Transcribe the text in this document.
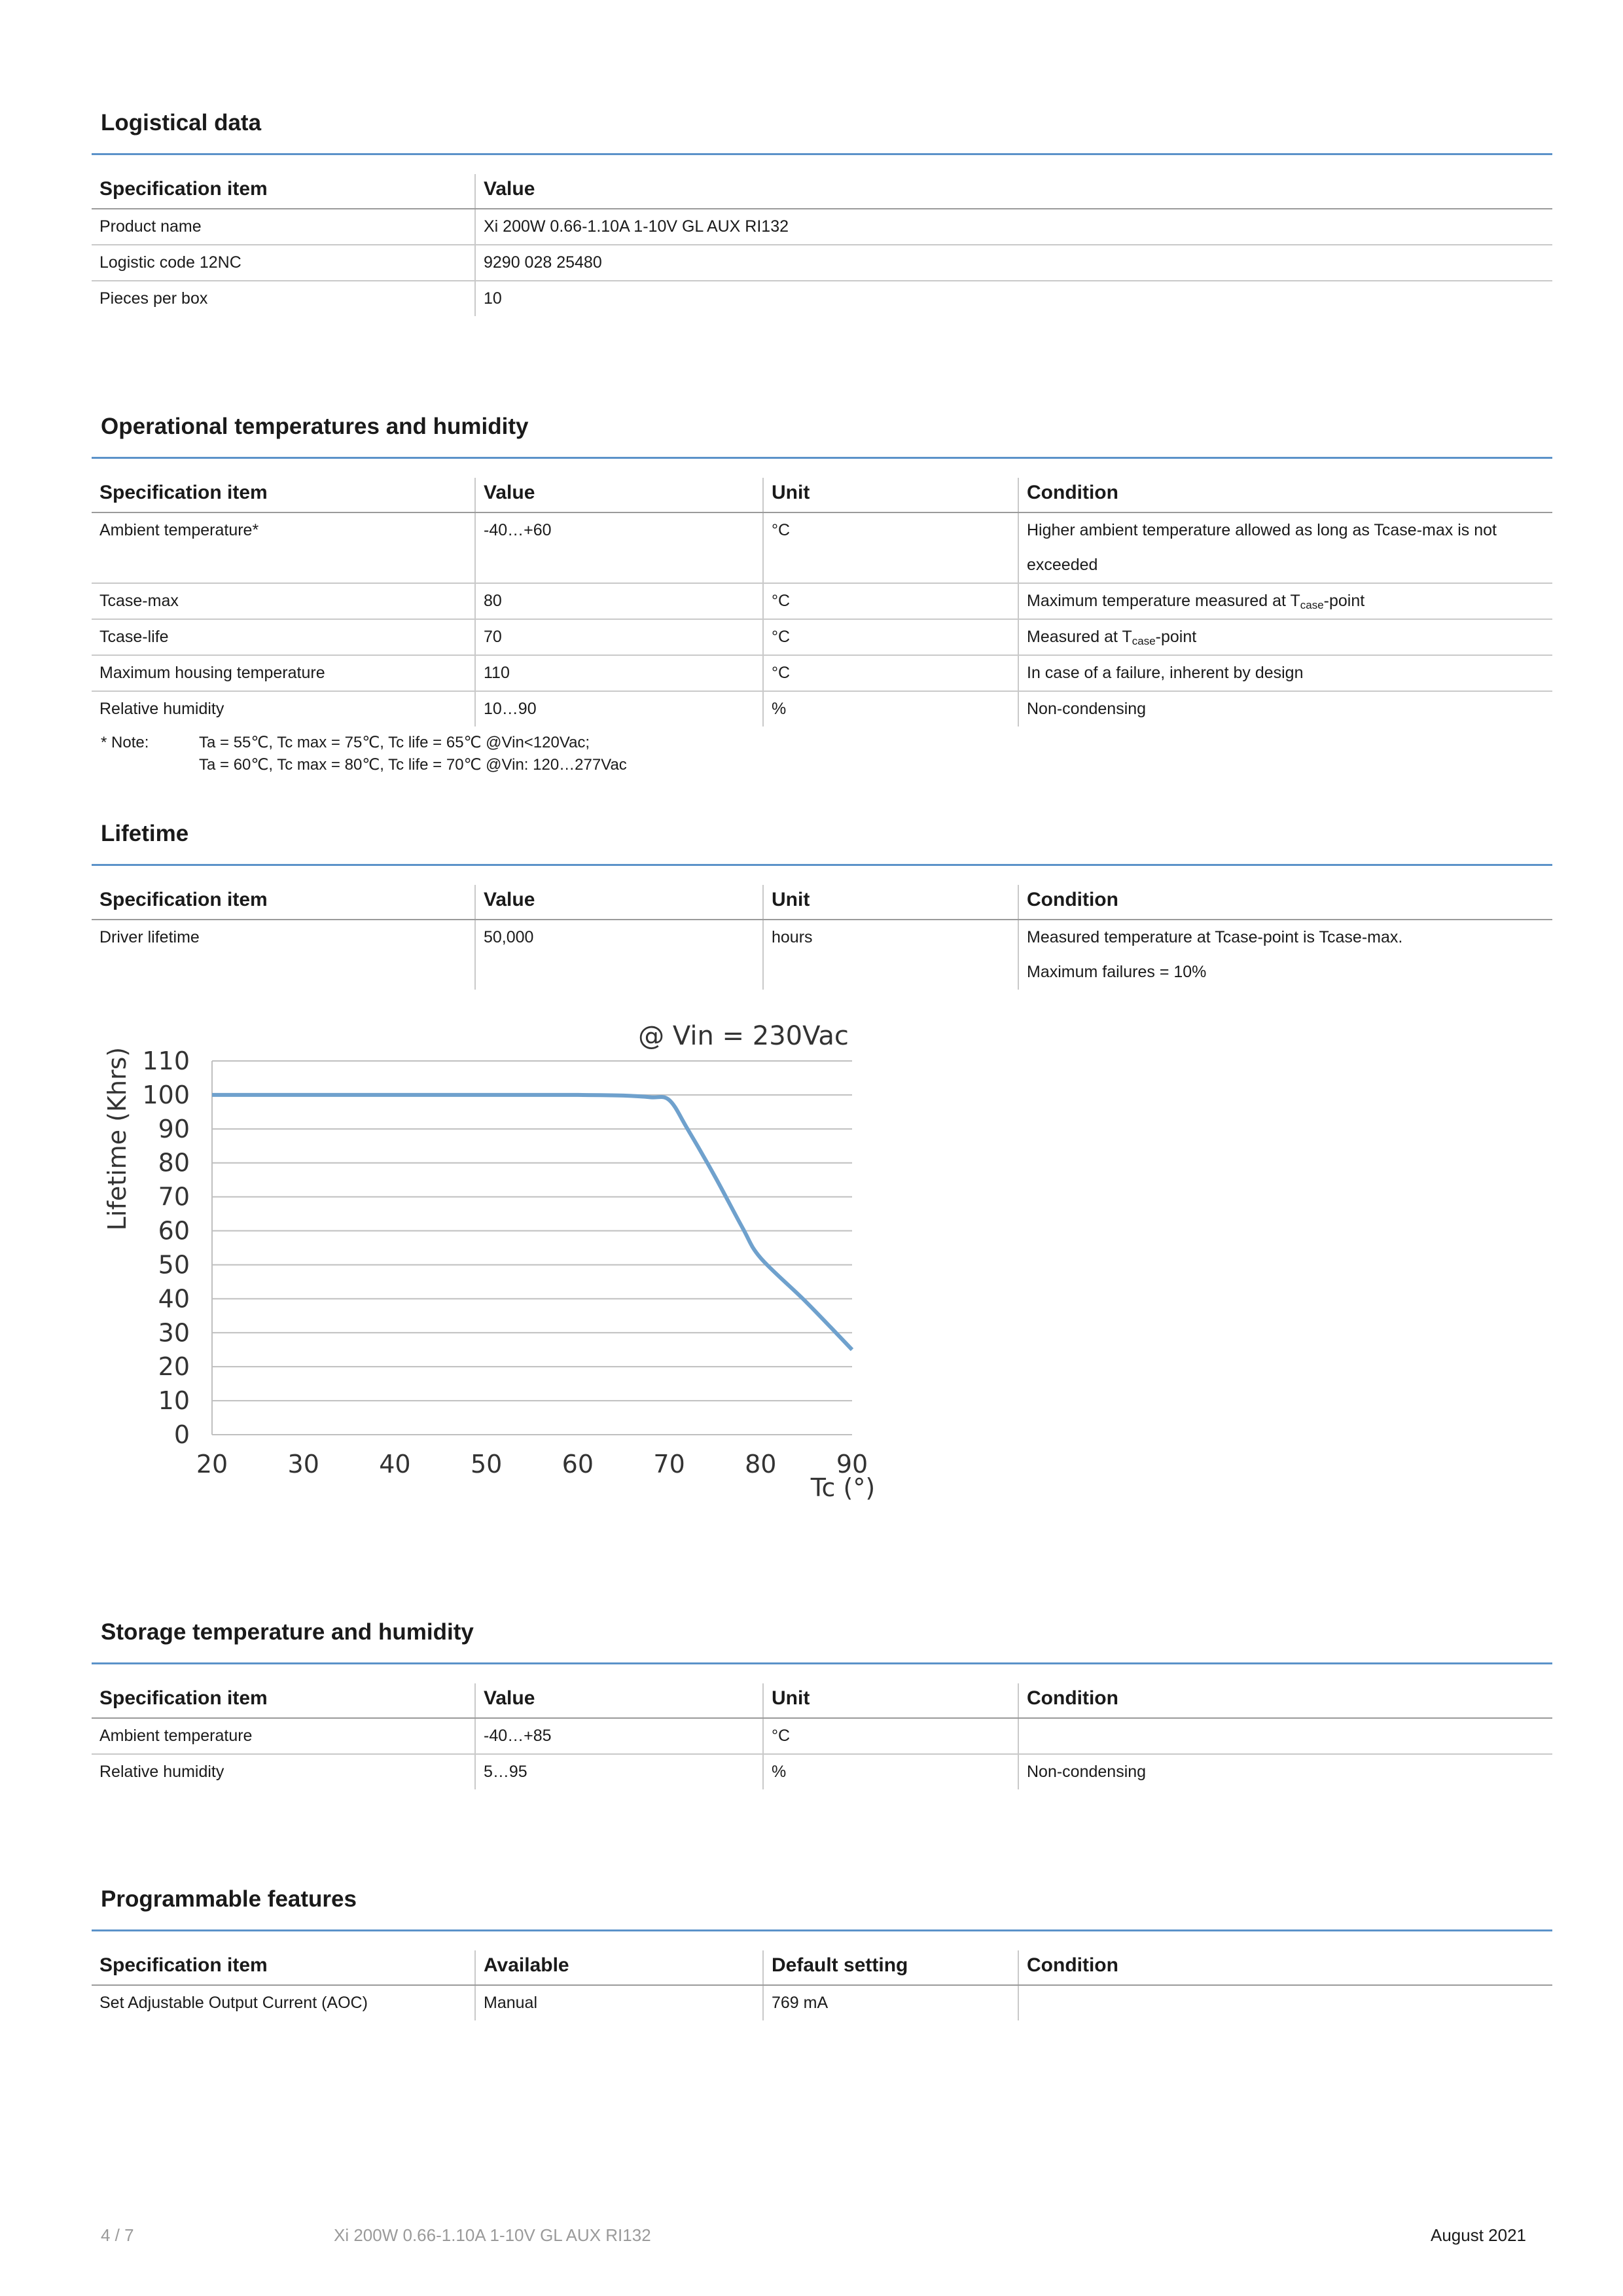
Logistical data
Specification item	Value
Product name	Xi 200W 0.66-1.10A 1-10V GL AUX RI132
Logistic code 12NC	9290 028 25480
Pieces per box	10
Operational temperatures and humidity
Specification item	Value	Unit	Condition
Ambient temperature*	-40…+60	°C	Higher ambient temperature allowed as long as Tcase-max is not
exceeded
Tcase-max	80	°C	Maximum temperature measured at $T_{case}$-point
Tcase-life	70	°C	Measured at $T_{case}$-point
Maximum housing temperature	110	°C	In case of a failure, inherent by design
Relative humidity	10…90	%	Non-condensing
* Note:	Ta = 55℃, Tc max = 75℃, Tc life = 65℃ @Vin<120Vac;
Ta = 60℃, Tc max = 80℃, Tc life = 70℃ @Vin: 120…277Vac
Lifetime
Specification item	Value	Unit	Condition
Driver lifetime	50,000	hours	Measured temperature at Tcase-point is Tcase-max.
Maximum failures = 10%
0
10
20
30
40
50
60
70
80
90
100
110
20 30 40 50 60 70 80 90
@ Vin = 230Vac
Tc (°)
Lifetime (Khrs)
Storage temperature and humidity
Specification item	Value	Unit	Condition
Ambient temperature	-40…+85	°C	
Relative humidity	5…95	%	Non-condensing
Programmable features
Specification item	Available	Default setting	Condition
Set Adjustable Output Current (AOC)	Manual	769 mA	
4 / 7	Xi 200W 0.66-1.10A 1-10V GL AUX RI132	August 2021
